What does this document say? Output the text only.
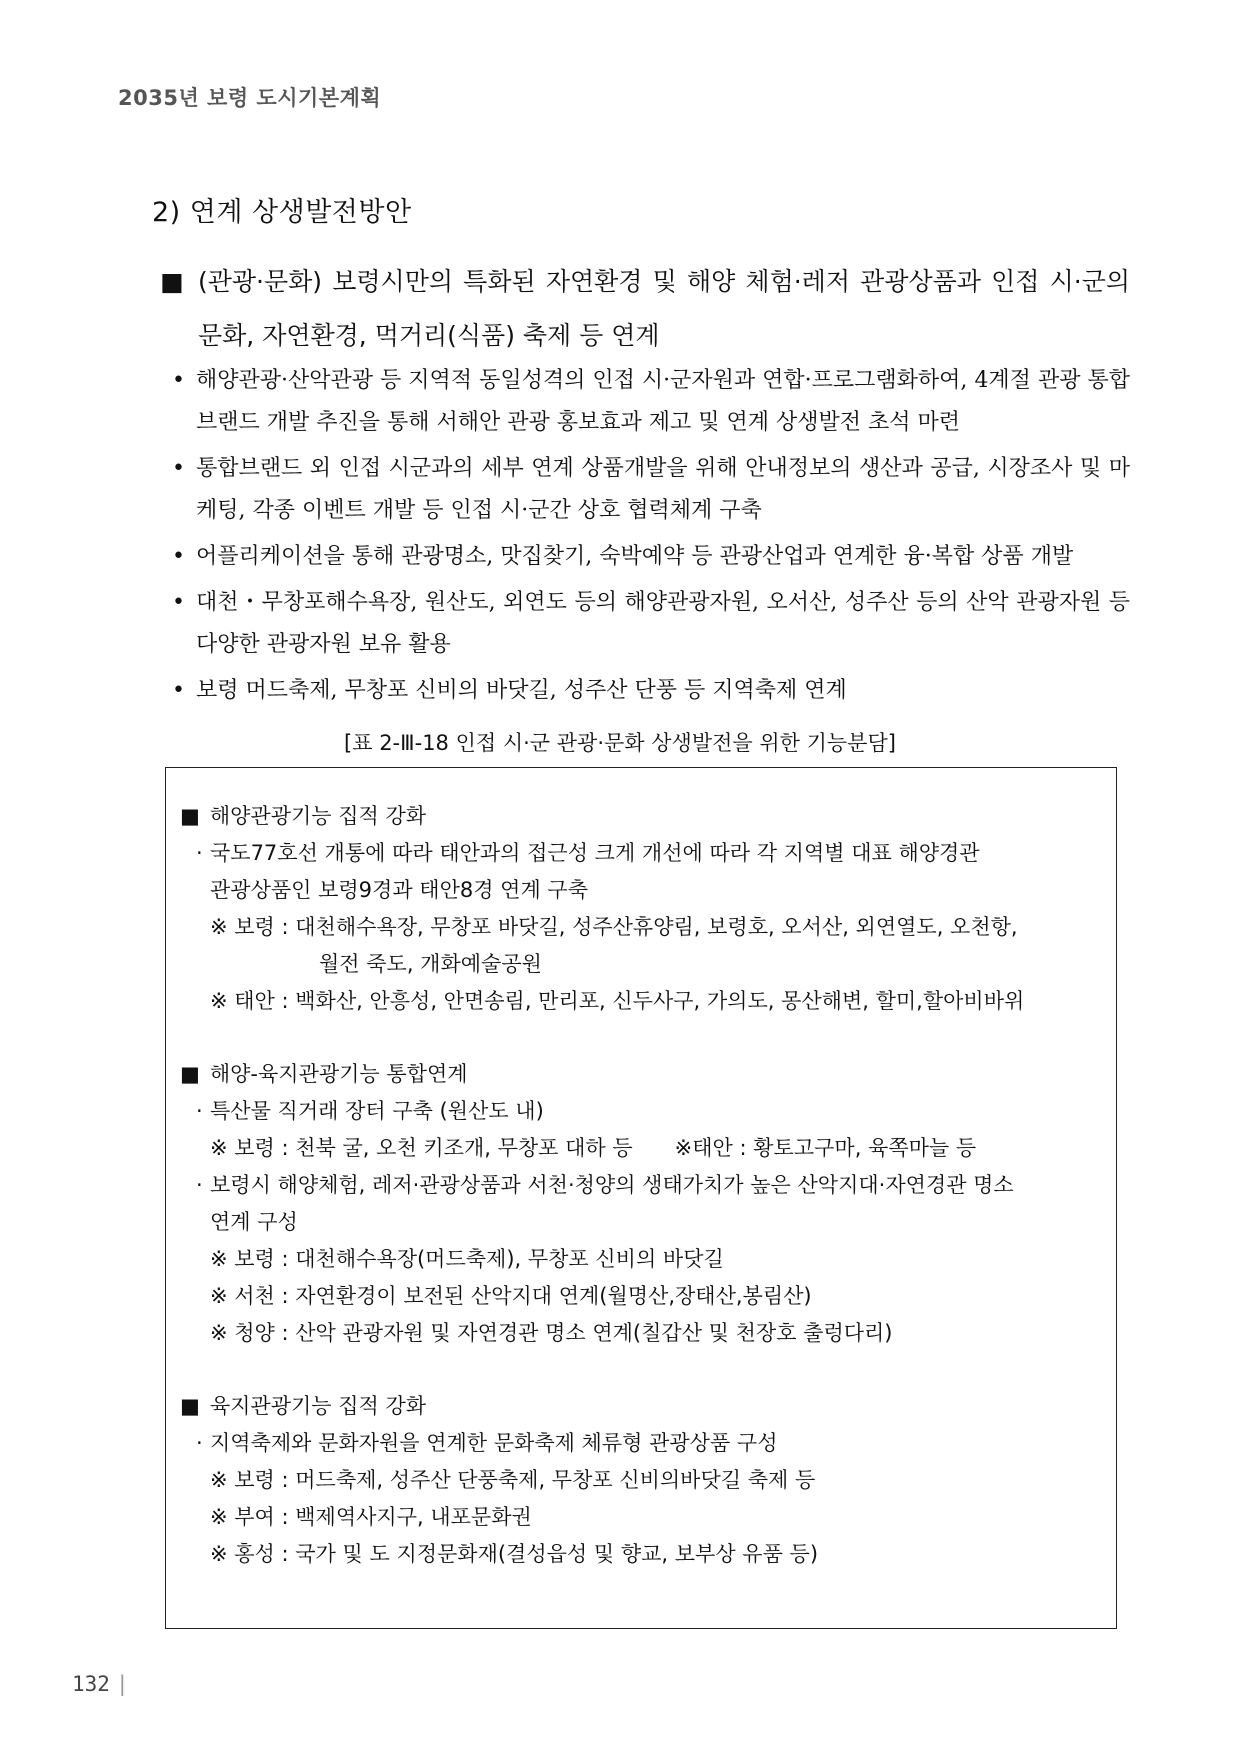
2035년 보령 도시기본계획
2) 연계 상생발전방안
■ (관광·문화) 보령시만의 특화된 자연환경 및 해양 체험·레저 관광상품과 인접 시·군의 문화, 자연환경, 먹거리(식품) 축제 등 연계
• 해양관광·산악관광 등 지역적 동일성격의 인접 시·군자원과 연합·프로그램화하여, 4계절 관광 통합 브랜드 개발 추진을 통해 서해안 관광 홍보효과 제고 및 연계 상생발전 초석 마련
• 통합브랜드 외 인접 시군과의 세부 연계 상품개발을 위해 안내정보의 생산과 공급, 시장조사 및 마케팅, 각종 이벤트 개발 등 인접 시·군간 상호 협력체계 구축
• 어플리케이션을 통해 관광명소, 맛집찾기, 숙박예약 등 관광산업과 연계한 융·복합 상품 개발
• 대천・무창포해수욕장, 원산도, 외연도 등의 해양관광자원, 오서산, 성주산 등의 산악 관광자원 등 다양한 관광자원 보유 활용
• 보령 머드축제, 무창포 신비의 바닷길, 성주산 단풍 등 지역축제 연계
[표 2-Ⅲ-18 인접 시·군 관광·문화 상생발전을 위한 기능분담]
■ 해양관광기능 집적 강화
· 국도77호선 개통에 따라 태안과의 접근성 크게 개선에 따라 각 지역별 대표 해양경관
관광상품인 보령9경과 태안8경 연계 구축
※ 보령 : 대천해수욕장, 무창포 바닷길, 성주산휴양림, 보령호, 오서산, 외연열도, 오천항,
월전 죽도, 개화예술공원
※ 태안 : 백화산, 안흥성, 안면송림, 만리포, 신두사구, 가의도, 몽산해변, 할미,할아비바위
■ 해양-육지관광기능 통합연계
· 특산물 직거래 장터 구축 (원산도 내)
※ 보령 : 천북 굴, 오천 키조개, 무창포 대하 등　　※태안 : 황토고구마, 육쪽마늘 등
· 보령시 해양체험, 레저·관광상품과 서천·청양의 생태가치가 높은 산악지대·자연경관 명소
연계 구성
※ 보령 : 대천해수욕장(머드축제), 무창포 신비의 바닷길
※ 서천 : 자연환경이 보전된 산악지대 연계(월명산,장태산,봉림산)
※ 청양 : 산악 관광자원 및 자연경관 명소 연계(칠갑산 및 천장호 출렁다리)
■ 육지관광기능 집적 강화
· 지역축제와 문화자원을 연계한 문화축제 체류형 관광상품 구성
※ 보령 : 머드축제, 성주산 단풍축제, 무창포 신비의바닷길 축제 등
※ 부여 : 백제역사지구, 내포문화권
※ 홍성 : 국가 및 도 지정문화재(결성읍성 및 향교, 보부상 유품 등)
132 |
